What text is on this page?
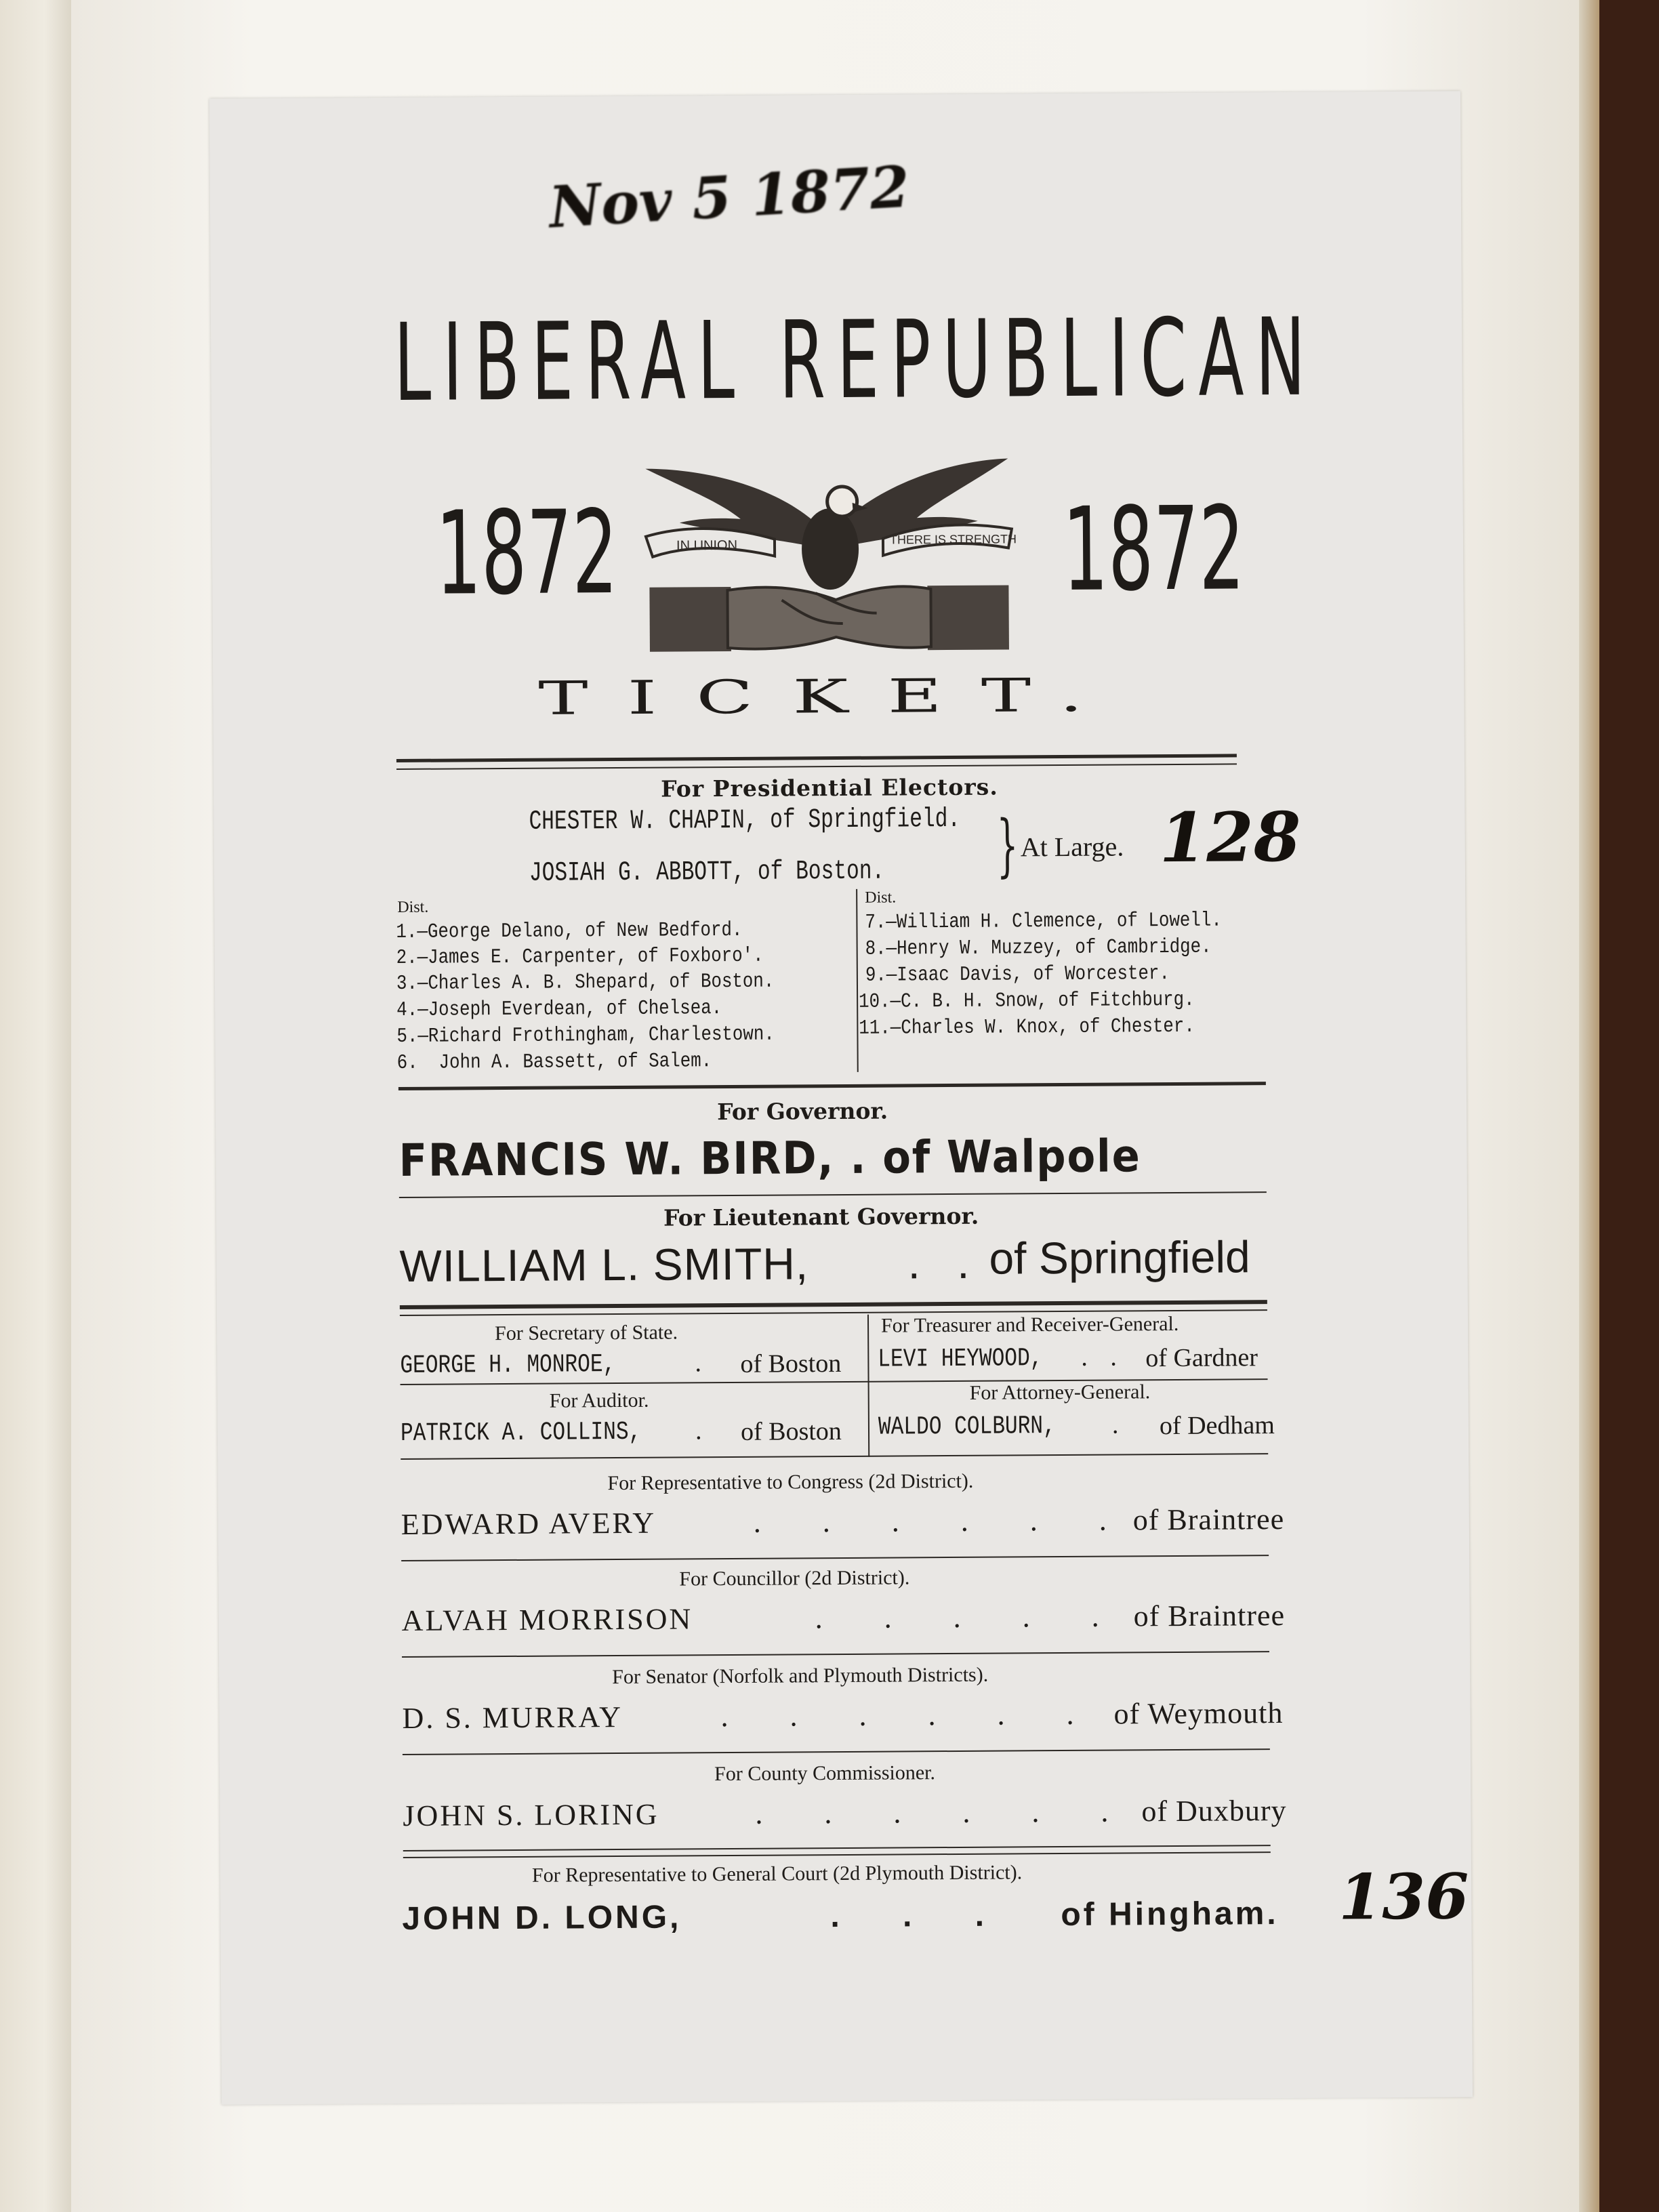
Nov 5 1872
LIBERAL REPUBLICAN
1872	1872
IN UNION	THERE IS STRENGTH
TICKET.
For Presidential Electors.
CHESTER W. CHAPIN, of Springfield.
JOSIAH G. ABBOTT, of Boston. } At Large. 128
Dist.
Dist.
1.—George Delano, of New Bedford.
2.—James E. Carpenter, of Foxboro'.
3.—Charles A. B. Shepard, of Boston.
4.—Joseph Everdean, of Chelsea.
5.—Richard Frothingham, Charlestown.
6.  John A. Bassett, of Salem.
7.—William H. Clemence, of Lowell.
8.—Henry W. Muzzey, of Cambridge.
9.—Isaac Davis, of Worcester.
10.—C. B. H. Snow, of Fitchburg.
11.—Charles W. Knox, of Chester.
For Governor.
FRANCIS W. BIRD, . of Walpole
For Lieutenant Governor.
WILLIAM L. SMITH, . . of Springfield
For Secretary of State.
GEORGE H. MONROE,	. of Boston
For Treasurer and Receiver-General.
LEVI HEYWOOD, . . of Gardner
For Auditor.
PATRICK A. COLLINS, . of Boston
For Attorney-General.
WALDO COLBURN, . of Dedham
For Representative to Congress (2d District).
EDWARD AVERY	. . . . . .
of Braintree
For Councillor (2d District).
ALVAH MORRISON	. . . . . of Braintree
For Senator (Norfolk and Plymouth Districts).
D. S. MURRAY	. . . . . . of Weymouth
For County Commissioner.
JOHN S. LORING	. . . . . . of Duxbury
For Representative to General Court (2d Plymouth District).
JOHN D. LONG,	. . . of Hingham. 136
